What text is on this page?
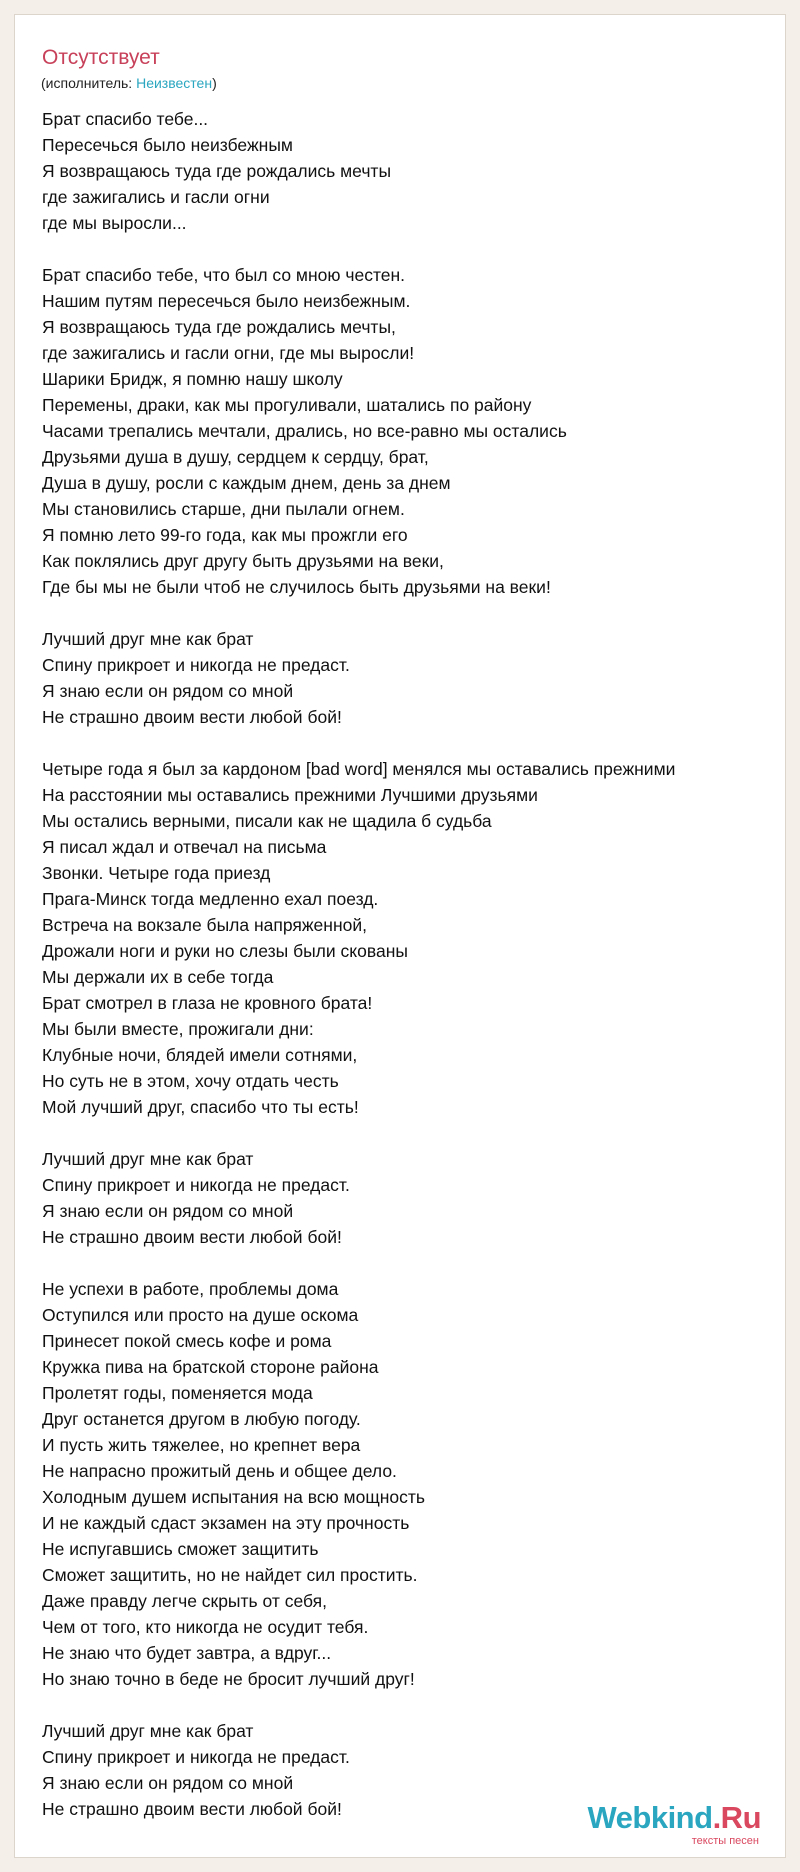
Отсутствует
(исполнитель: Неизвестен)
Брат спасибо тебе...
Пересечься было неизбежным
Я возвращаюсь туда где рождались мечты
где зажигались и гасли огни
где мы выросли...
Брат спасибо тебе, что был со мною честен.
Нашим путям пересечься было неизбежным.
Я возвращаюсь туда где рождались мечты,
где зажигались и гасли огни, где мы выросли!
Шарики Бридж, я помню нашу школу
Перемены, драки, как мы прогуливали, шатались по району
Часами трепались мечтали, дрались, но все-равно мы остались
Друзьями душа в душу, сердцем к сердцу, брат,
Душа в душу, росли с каждым днем, день за днем
Мы становились старше, дни пылали огнем.
Я помню лето 99-го года, как мы прожгли его
Как поклялись друг другу быть друзьями на веки,
Где бы мы не были чтоб не случилось быть друзьями на веки!
Лучший друг мне как брат
Спину прикроет и никогда не предаст.
Я знаю если он рядом со мной
Не страшно двоим вести любой бой!
Четыре года я был за кардоном [bad word] менялся мы оставались прежними
На расстоянии мы оставались прежними Лучшими друзьями
Мы остались верными, писали как не щадила б судьба
Я писал ждал и отвечал на письма
Звонки. Четыре года приезд
Прага-Минск тогда медленно ехал поезд.
Встреча на вокзале была напряженной,
Дрожали ноги и руки но слезы были скованы
Мы держали их в себе тогда
Брат смотрел в глаза не кровного брата!
Мы были вместе, прожигали дни:
Клубные ночи, блядей имели сотнями,
Но суть не в этом, хочу отдать честь
Мой лучший друг, спасибо что ты есть!
Лучший друг мне как брат
Спину прикроет и никогда не предаст.
Я знаю если он рядом со мной
Не страшно двоим вести любой бой!
Не успехи в работе, проблемы дома
Оступился или просто на душе оскома
Принесет покой смесь кофе и рома
Кружка пива на братской стороне района
Пролетят годы, поменяется мода
Друг останется другом в любую погоду.
И пусть жить тяжелее, но крепнет вера
Не напрасно прожитый день и общее дело.
Холодным душем испытания на всю мощность
И не каждый сдаст экзамен на эту прочность
Не испугавшись сможет защитить
Сможет защитить, но не найдет сил простить.
Даже правду легче скрыть от себя,
Чем от того, кто никогда не осудит тебя.
Не знаю что будет завтра, а вдруг...
Но знаю точно в беде не бросит лучший друг!
Лучший друг мне как брат
Спину прикроет и никогда не предаст.
Я знаю если он рядом со мной
Не страшно двоим вести любой бой!	Webkind.Ru
тексты песен
